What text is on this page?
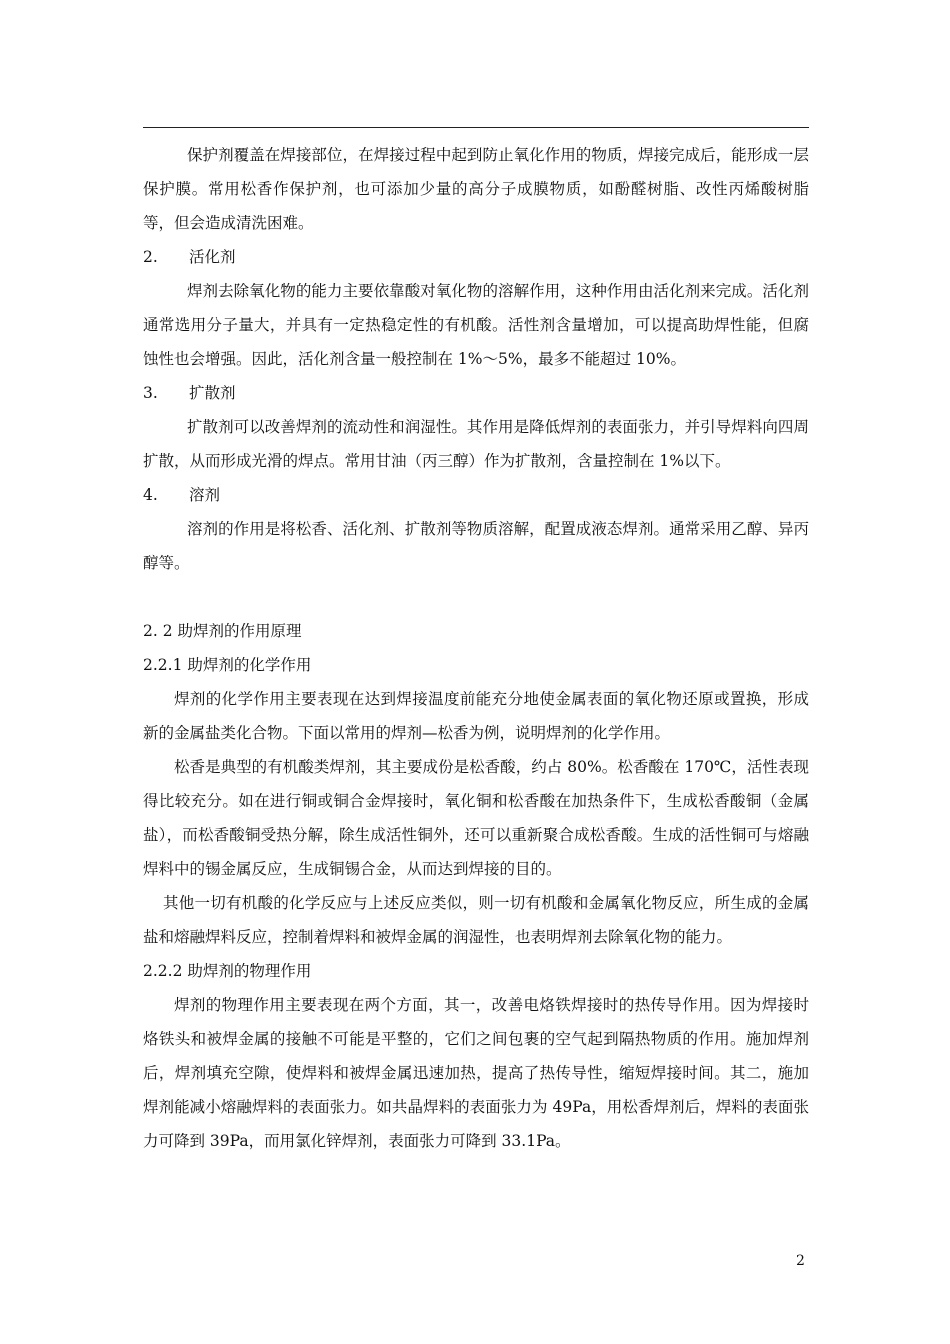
保护剂覆盖在焊接部位，在焊接过程中起到防止氧化作用的物质，焊接完成后，能形成一层保护膜。常用松香作保护剂，也可添加少量的高分子成膜物质，如酚醛树脂、改性丙烯酸树脂等，但会造成清洗困难。

2. 活化剂

焊剂去除氧化物的能力主要依靠酸对氧化物的溶解作用，这种作用由活化剂来完成。活化剂通常选用分子量大，并具有一定热稳定性的有机酸。活性剂含量增加，可以提高助焊性能，但腐蚀性也会增强。因此，活化剂含量一般控制在 1%～5%，最多不能超过 10%。

3. 扩散剂

扩散剂可以改善焊剂的流动性和润湿性。其作用是降低焊剂的表面张力，并引导焊料向四周扩散，从而形成光滑的焊点。常用甘油（丙三醇）作为扩散剂，含量控制在 1%以下。

4. 溶剂

溶剂的作用是将松香、活化剂、扩散剂等物质溶解，配置成液态焊剂。通常采用乙醇、异丙醇等。

2. 2 助焊剂的作用原理

2.2.1 助焊剂的化学作用

焊剂的化学作用主要表现在达到焊接温度前能充分地使金属表面的氧化物还原或置换，形成新的金属盐类化合物。下面以常用的焊剂—松香为例，说明焊剂的化学作用。

松香是典型的有机酸类焊剂，其主要成份是松香酸，约占 80%。松香酸在 170℃，活性表现得比较充分。如在进行铜或铜合金焊接时，氧化铜和松香酸在加热条件下，生成松香酸铜（金属盐），而松香酸铜受热分解，除生成活性铜外，还可以重新聚合成松香酸。生成的活性铜可与熔融焊料中的锡金属反应，生成铜锡合金，从而达到焊接的目的。

其他一切有机酸的化学反应与上述反应类似，则一切有机酸和金属氧化物反应，所生成的金属盐和熔融焊料反应，控制着焊料和被焊金属的润湿性，也表明焊剂去除氧化物的能力。

2.2.2 助焊剂的物理作用

焊剂的物理作用主要表现在两个方面，其一，改善电烙铁焊接时的热传导作用。因为焊接时烙铁头和被焊金属的接触不可能是平整的，它们之间包裹的空气起到隔热物质的作用。施加焊剂后，焊剂填充空隙，使焊料和被焊金属迅速加热，提高了热传导性，缩短焊接时间。其二，施加焊剂能减小熔融焊料的表面张力。如共晶焊料的表面张力为 49Pa，用松香焊剂后，焊料的表面张力可降到 39Pa，而用氯化锌焊剂，表面张力可降到 33.1Pa。

2
